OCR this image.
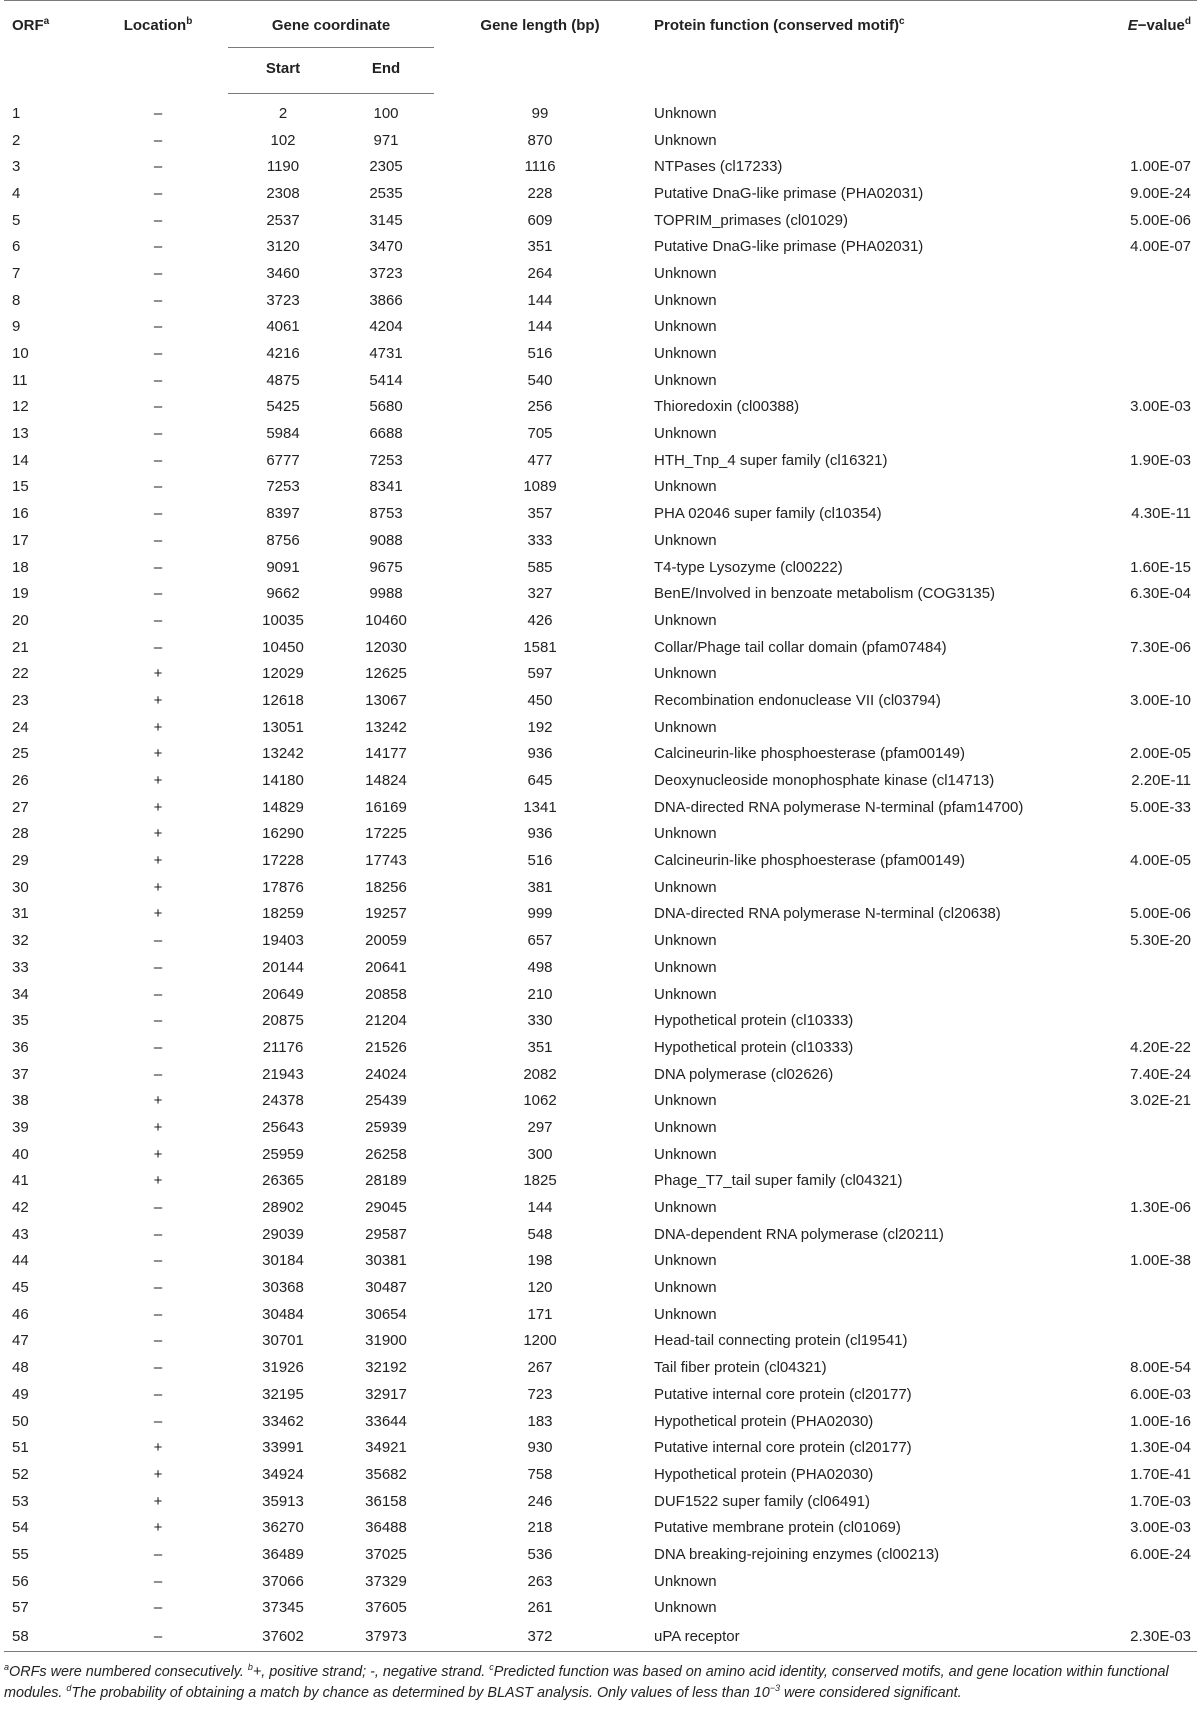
ORF$^a$	Location$^b$	Gene coordinate		Gene length (bp)	Protein function (conserved motif)$^c$	E−value$^d$
		Start	End			
1	–	2	100	99	Unknown	
2	–	102	971	870	Unknown	
3	–	1190	2305	1116	NTPases (cl17233)	1.00E-07
4	–	2308	2535	228	Putative DnaG-like primase (PHA02031)	9.00E-24
5	–	2537	3145	609	TOPRIM_primases (cl01029)	5.00E-06
6	–	3120	3470	351	Putative DnaG-like primase (PHA02031)	4.00E-07
7	–	3460	3723	264	Unknown	
8	–	3723	3866	144	Unknown	
9	–	4061	4204	144	Unknown	
10	–	4216	4731	516	Unknown	
11	–	4875	5414	540	Unknown	
12	–	5425	5680	256	Thioredoxin (cl00388)	3.00E-03
13	–	5984	6688	705	Unknown	
14	–	6777	7253	477	HTH_Tnp_4 super family (cl16321)	1.90E-03
15	–	7253	8341	1089	Unknown	
16	–	8397	8753	357	PHA 02046 super family (cl10354)	4.30E-11
17	–	8756	9088	333	Unknown	
18	–	9091	9675	585	T4-type Lysozyme (cl00222)	1.60E-15
19	–	9662	9988	327	BenE/Involved in benzoate metabolism (COG3135)	6.30E-04
20	–	10035	10460	426	Unknown	
21	–	10450	12030	1581	Collar/Phage tail collar domain (pfam07484)	7.30E-06
22	+	12029	12625	597	Unknown	
23	+	12618	13067	450	Recombination endonuclease VII (cl03794)	3.00E-10
24	+	13051	13242	192	Unknown	
25	+	13242	14177	936	Calcineurin-like phosphoesterase (pfam00149)	2.00E-05
26	+	14180	14824	645	Deoxynucleoside monophosphate kinase (cl14713)	2.20E-11
27	+	14829	16169	1341	DNA-directed RNA polymerase N-terminal (pfam14700)	5.00E-33
28	+	16290	17225	936	Unknown	
29	+	17228	17743	516	Calcineurin-like phosphoesterase (pfam00149)	4.00E-05
30	+	17876	18256	381	Unknown	
31	+	18259	19257	999	DNA-directed RNA polymerase N-terminal (cl20638)	5.00E-06
32	–	19403	20059	657	Unknown	5.30E-20
33	–	20144	20641	498	Unknown	
34	–	20649	20858	210	Unknown	
35	–	20875	21204	330	Hypothetical protein (cl10333)	
36	–	21176	21526	351	Hypothetical protein (cl10333)	4.20E-22
37	–	21943	24024	2082	DNA polymerase (cl02626)	7.40E-24
38	+	24378	25439	1062	Unknown	3.02E-21
39	+	25643	25939	297	Unknown	
40	+	25959	26258	300	Unknown	
41	+	26365	28189	1825	Phage_T7_tail super family (cl04321)	
42	–	28902	29045	144	Unknown	1.30E-06
43	–	29039	29587	548	DNA-dependent RNA polymerase (cl20211)	
44	–	30184	30381	198	Unknown	1.00E-38
45	–	30368	30487	120	Unknown	
46	–	30484	30654	171	Unknown	
47	–	30701	31900	1200	Head-tail connecting protein (cl19541)	
48	–	31926	32192	267	Tail fiber protein (cl04321)	8.00E-54
49	–	32195	32917	723	Putative internal core protein (cl20177)	6.00E-03
50	–	33462	33644	183	Hypothetical protein (PHA02030)	1.00E-16
51	+	33991	34921	930	Putative internal core protein (cl20177)	1.30E-04
52	+	34924	35682	758	Hypothetical protein (PHA02030)	1.70E-41
53	+	35913	36158	246	DUF1522 super family (cl06491)	1.70E-03
54	+	36270	36488	218	Putative membrane protein (cl01069)	3.00E-03
55	–	36489	37025	536	DNA breaking-rejoining enzymes (cl00213)	6.00E-24
56	–	37066	37329	263	Unknown	
57	–	37345	37605	261	Unknown	
58	–	37602	37973	372	uPA receptor	2.30E-03

$^a$ORFs were numbered consecutively. $^b$+, positive strand; -, negative strand. $^c$Predicted function was based on amino acid identity, conserved motifs, and gene location within functional modules. $^d$The probability of obtaining a match by chance as determined by BLAST analysis. Only values of less than $10^{-3}$ were considered significant.
